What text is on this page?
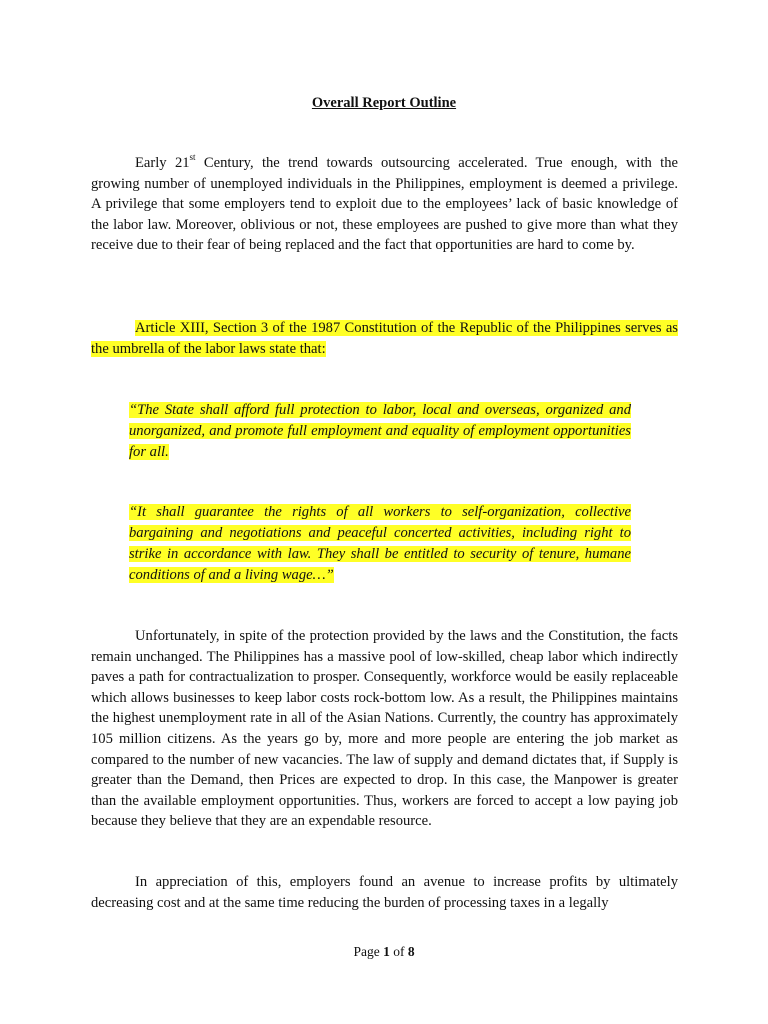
Overall Report Outline

Early 21st Century, the trend towards outsourcing accelerated. True enough, with the growing number of unemployed individuals in the Philippines, employment is deemed a privilege. A privilege that some employers tend to exploit due to the employees’ lack of basic knowledge of the labor law. Moreover, oblivious or not, these employees are pushed to give more than what they receive due to their fear of being replaced and the fact that opportunities are hard to come by.

Article XIII, Section 3 of the 1987 Constitution of the Republic of the Philippines serves as the umbrella of the labor laws state that:

“The State shall afford full protection to labor, local and overseas, organized and unorganized, and promote full employment and equality of employment opportunities for all.

“It shall guarantee the rights of all workers to self-organization, collective bargaining and negotiations and peaceful concerted activities, including right to strike in accordance with law. They shall be entitled to security of tenure, humane conditions of and a living wage…”

Unfortunately, in spite of the protection provided by the laws and the Constitution, the facts remain unchanged. The Philippines has a massive pool of low-skilled, cheap labor which indirectly paves a path for contractualization to prosper. Consequently, workforce would be easily replaceable which allows businesses to keep labor costs rock-bottom low. As a result, the Philippines maintains the highest unemployment rate in all of the Asian Nations. Currently, the country has approximately 105 million citizens. As the years go by, more and more people are entering the job market as compared to the number of new vacancies. The law of supply and demand dictates that, if Supply is greater than the Demand, then Prices are expected to drop. In this case, the Manpower is greater than the available employment opportunities. Thus, workers are forced to accept a low paying job because they believe that they are an expendable resource.

In appreciation of this, employers found an avenue to increase profits by ultimately decreasing cost and at the same time reducing the burden of processing taxes in a legally

Page 1 of 8
